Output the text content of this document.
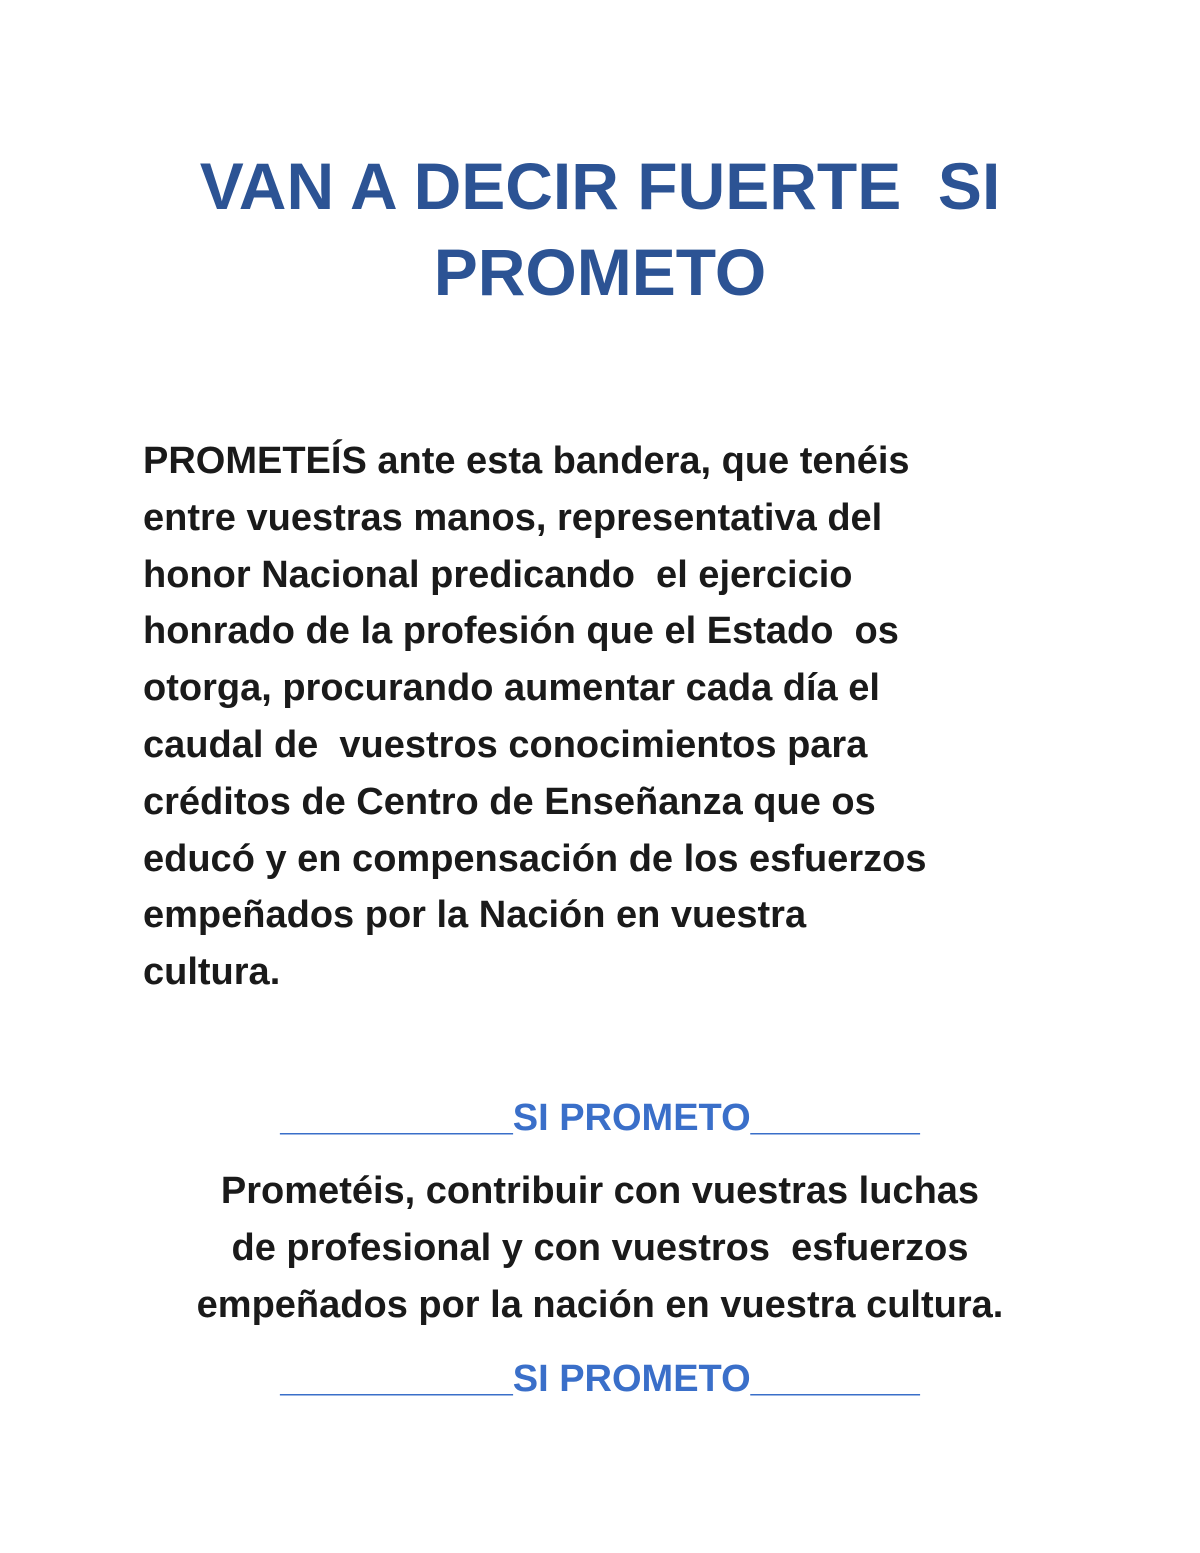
VAN A DECIR FUERTE  SI

PROMETO

PROMETEÍS ante esta bandera, que tenéis
entre vuestras manos, representativa del
honor Nacional predicando  el ejercicio
honrado de la profesión que el Estado  os
otorga, procurando aumentar cada día el
caudal de  vuestros conocimientos para
créditos de Centro de Enseñanza que os
educó y en compensación de los esfuerzos
empeñados por la Nación en vuestra
cultura.

___________SI PROMETO________

Prometéis, contribuir con vuestras luchas
de profesional y con vuestros  esfuerzos
empeñados por la nación en vuestra cultura.

___________SI PROMETO________
